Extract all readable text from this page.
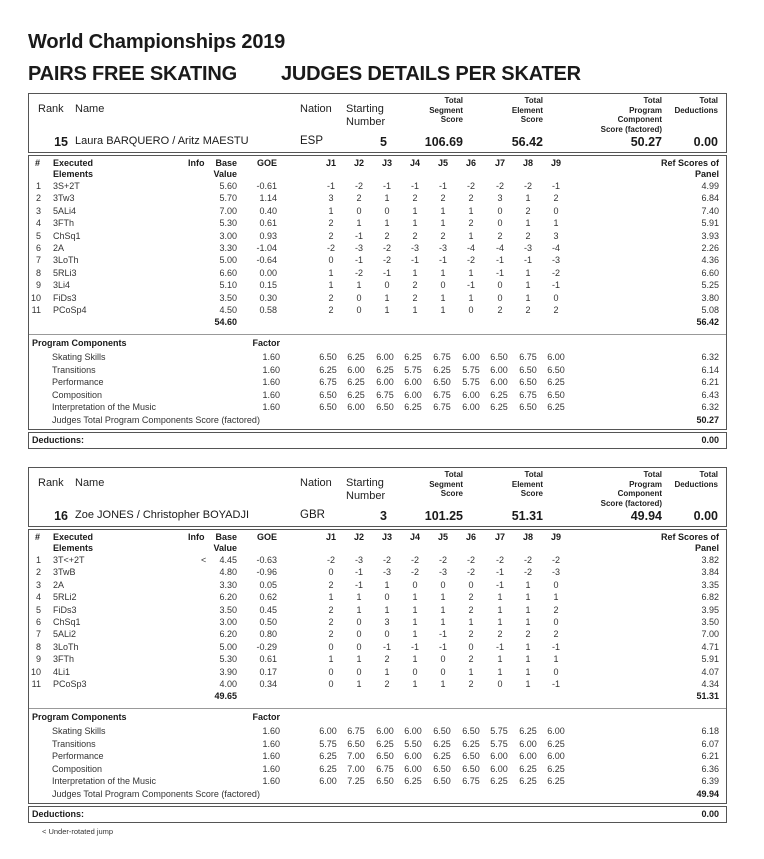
World Championships 2019
PAIRS FREE SKATING JUDGES DETAILS PER SKATER
Rank Name	Nation Starting
Number
Total
Segment
Score
Total
Element
Score
Total
Program
Component
Score (factored)
Total
Deductions
15 Laura BARQUERO / Aritz MAESTU	ESP	5	106.69	56.42	50.27	0.00
# Executed
Elements
Info Base
Value
GOE	J1	J2	J3	J4	J5	J6	J7	J8	J9	Ref Scores of
Panel
1 3S+2T	5.60 -0.61	-1	-2	-1	-1	-1	-2	-2	-2	-1	4.99
2 3Tw3	5.70 1.14	3	2	1	2	2	2	3	1	2	6.84
3 5ALi4	7.00 0.40	1	0	0	1	1	1	0	2	0	7.40
4 3FTh	5.30 0.61	2	1	1	1	1	2	0	1	1	5.91
5 ChSq1	3.00 0.93	2	-1	2	2	2	1	2	2	3	3.93
6 2A	3.30 -1.04	-2	-3	-2	-3	-3	-4	-4	-3	-4	2.26
7 3LoTh	5.00 -0.64	0	-1	-2	-1	-1	-2	-1	-1	-3	4.36
8 5RLi3	6.60 0.00	1	-2	-1	1	1	1	-1	1	-2	6.60
9 3Li4	5.10 0.15	1	1	0	2	0	-1	0	1	-1	5.25
10 FiDs3	3.50 0.30	2	0	1	2	1	1	0	1	0	3.80
11 PCoSp4	4.50 0.58	2	0	1	1	1	0	2	2	2	5.08
54.60	56.42
Program Components	Factor
Skating Skills	1.60	6.50	6.25	6.00	6.25	6.75	6.00	6.50	6.75	6.00	6.32
Transitions	1.60	6.25	6.00	6.25	5.75	6.25	5.75	6.00	6.50	6.50	6.14
Performance	1.60	6.75	6.25	6.00	6.00	6.50	5.75	6.00	6.50	6.25	6.21
Composition	1.60	6.50	6.25	6.75	6.00	6.75	6.00	6.25	6.75	6.50	6.43
Interpretation of the Music	1.60	6.50	6.00	6.50	6.25	6.75	6.00	6.25	6.50	6.25	6.32
Judges Total Program Components Score (factored)	50.27
Deductions:	0.00
Rank Name	Nation Starting
Number
Total
Segment
Score
Total
Element
Score
Total
Program
Component
Score (factored)
Total
Deductions
16 Zoe JONES / Christopher BOYADJI	GBR	3	101.25	51.31	49.94	0.00
# Executed
Elements
Info Base
Value
GOE	J1	J2	J3	J4	J5	J6	J7	J8	J9	Ref Scores of
Panel
1 3T<+2T	< 4.45 -0.63	-2	-3	-2	-2	-2	-2	-2	-2	-2	3.82
2 3TwB	4.80 -0.96	0	-1	-3	-2	-3	-2	-1	-2	-3	3.84
3 2A	3.30 0.05	2	-1	1	0	0	0	-1	1	0	3.35
4 5RLi2	6.20 0.62	1	1	0	1	1	2	1	1	1	6.82
5 FiDs3	3.50 0.45	2	1	1	1	1	2	1	1	2	3.95
6 ChSq1	3.00 0.50	2	0	3	1	1	1	1	1	0	3.50
7 5ALi2	6.20 0.80	2	0	0	1	-1	2	2	2	2	7.00
8 3LoTh	5.00 -0.29	0	0	-1	-1	-1	0	-1	1	-1	4.71
9 3FTh	5.30 0.61	1	1	2	1	0	2	1	1	1	5.91
10 4Li1	3.90 0.17	0	0	1	0	0	1	1	1	0	4.07
11 PCoSp3	4.00 0.34	0	1	2	1	1	2	0	1	-1	4.34
49.65	51.31
Program Components	Factor
Skating Skills	1.60	6.00	6.75	6.00	6.00	6.50	6.50	5.75	6.25	6.00	6.18
Transitions	1.60	5.75	6.50	6.25	5.50	6.25	6.25	5.75	6.00	6.25	6.07
Performance	1.60	6.25	7.00	6.50	6.00	6.25	6.50	6.00	6.00	6.00	6.21
Composition	1.60	6.25	7.00	6.75	6.00	6.50	6.50	6.00	6.25	6.25	6.36
Interpretation of the Music	1.60	6.00	7.25	6.50	6.25	6.50	6.75	6.25	6.25	6.25	6.39
Judges Total Program Components Score (factored)	49.94
Deductions:	0.00
< Under-rotated jump
